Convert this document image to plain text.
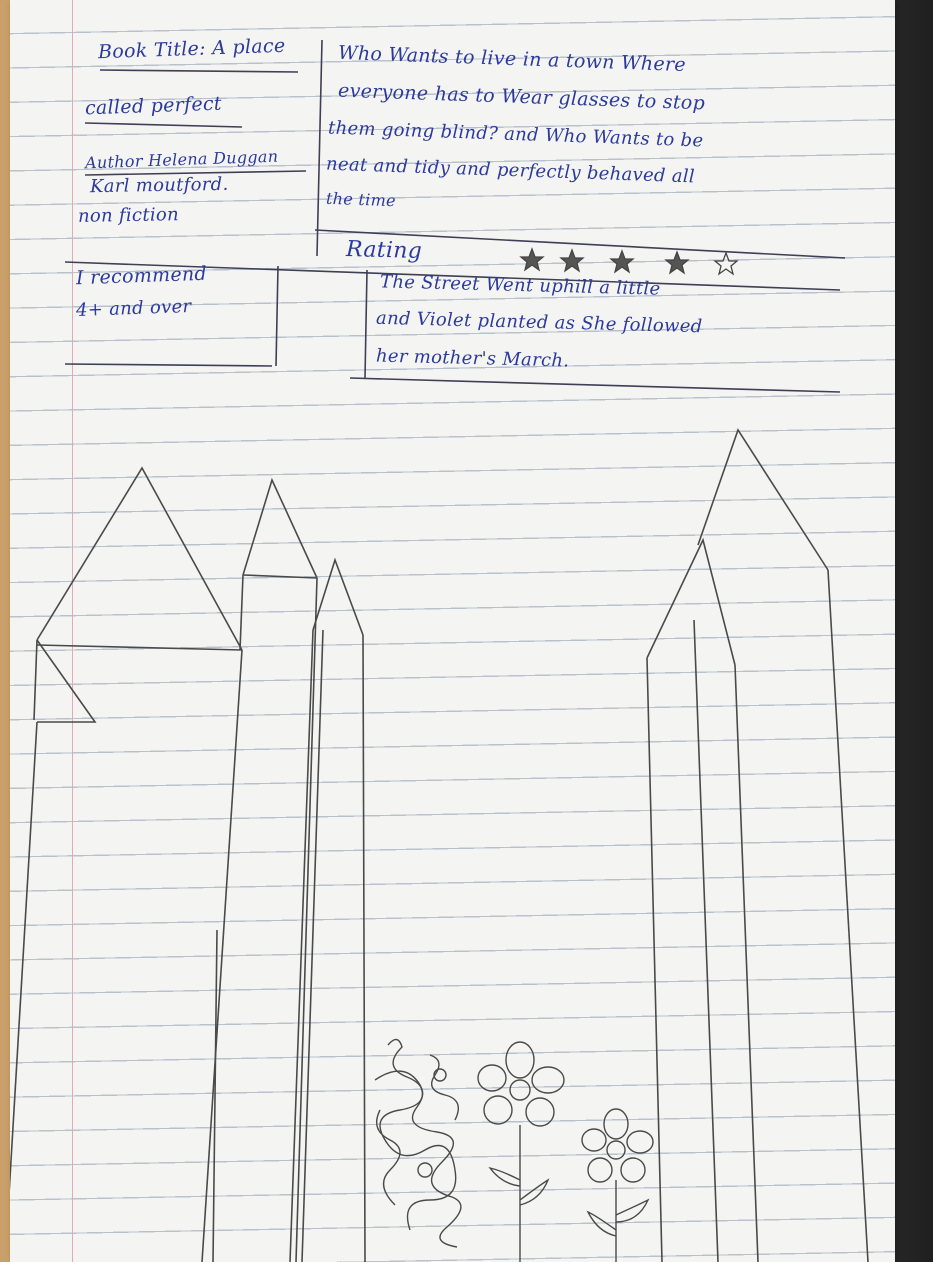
Book Title: A place
called perfect
Author Helena Duggan
Karl moutford.
non fiction
Who Wants to live in a town Where
everyone has to Wear glasses to stop
them going blind? and Who Wants to be
neat and tidy and perfectly behaved all
the time
Rating
I recommend
4+ and over
The Street Went uphill a little
and Violet planted as She followed
her mother's March.
